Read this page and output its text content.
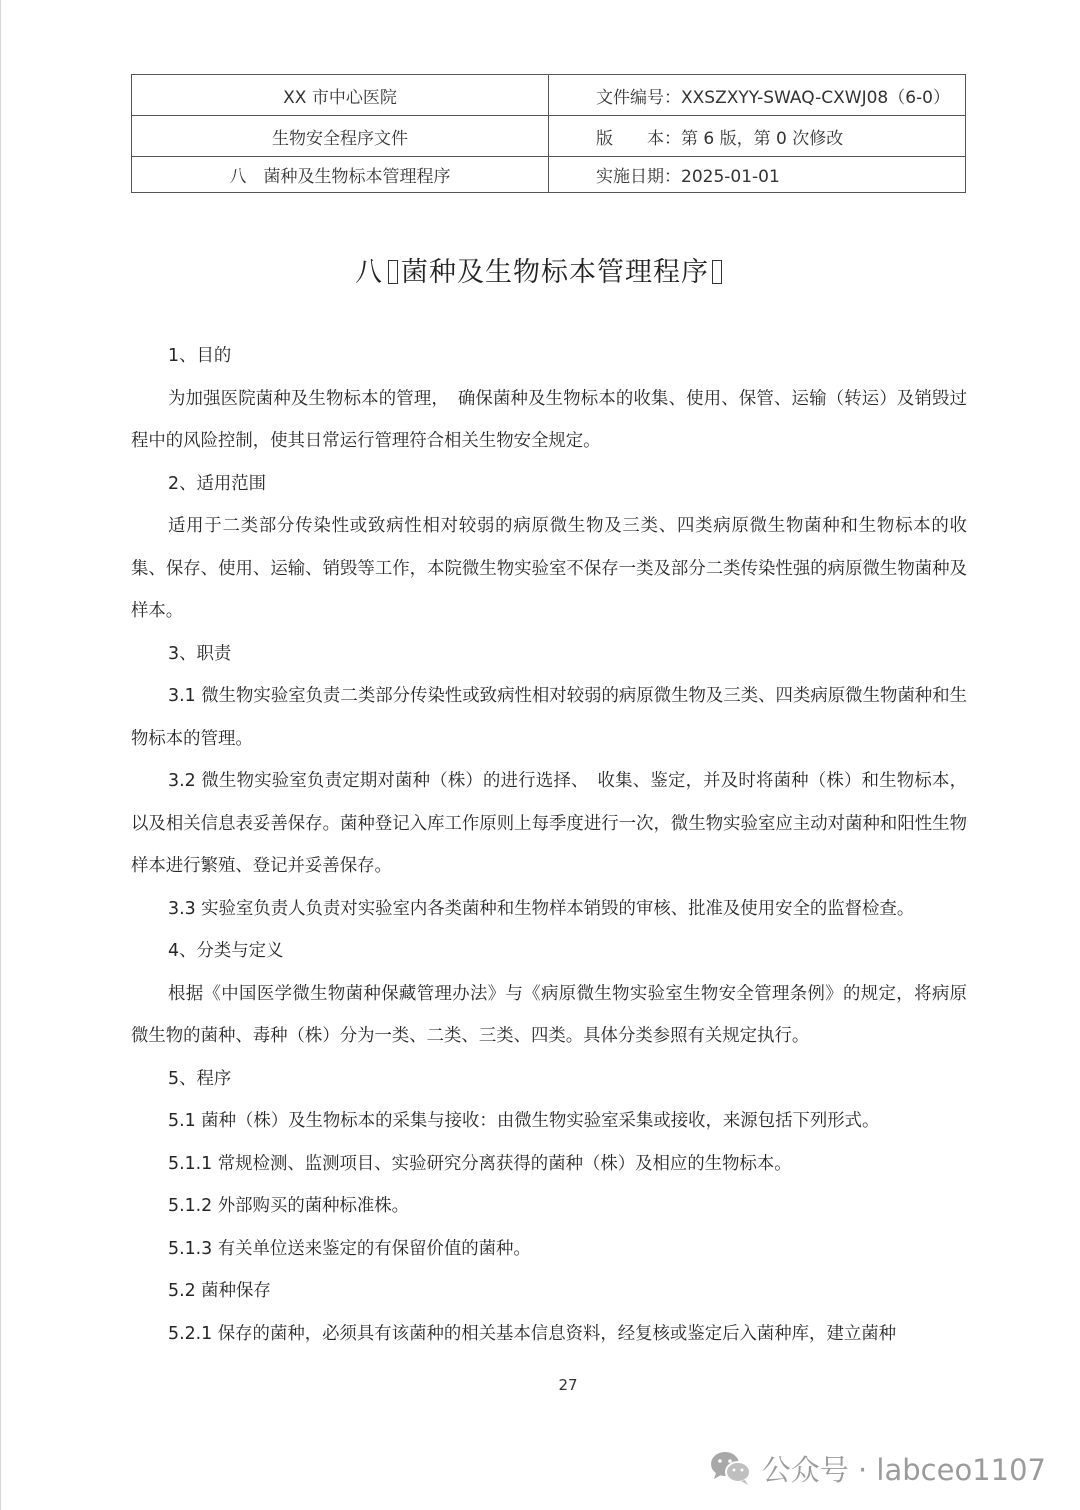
XX 市中心医院	文件编号：XXSZXYY-SWAQ-CXWJ08（6-0）
生物安全程序文件	版　　本：第 6 版，第 0 次修改
八　菌种及生物标本管理程序	实施日期：2025-01-01
八 菌种及生物标本管理程序

1、目的

为加强医院菌种及生物标本的管理，　确保菌种及生物标本的收集、使用、保管、运输（转运）及销毁过程中的风险控制，使其日常运行管理符合相关生物安全规定。

2、适用范围

适用于二类部分传染性或致病性相对较弱的病原微生物及三类、四类病原微生物菌种和生物标本的收集、保存、使用、运输、销毁等工作，本院微生物实验室不保存一类及部分二类传染性强的病原微生物菌种及样本。

3、职责

3.1 微生物实验室负责二类部分传染性或致病性相对较弱的病原微生物及三类、四类病原微生物菌种和生物标本的管理。

3.2 微生物实验室负责定期对菌种（株）的进行选择、　收集、鉴定，并及时将菌种（株）和生物标本，以及相关信息表妥善保存。菌种登记入库工作原则上每季度进行一次，微生物实验室应主动对菌种和阳性生物样本进行繁殖、登记并妥善保存。

3.3 实验室负责人负责对实验室内各类菌种和生物样本销毁的审核、批准及使用安全的监督检查。

4、分类与定义

根据《中国医学微生物菌种保藏管理办法》与《病原微生物实验室生物安全管理条例》的规定，将病原微生物的菌种、毒种（株）分为一类、二类、三类、四类。具体分类参照有关规定执行。

5、程序

5.1 菌种（株）及生物标本的采集与接收：由微生物实验室采集或接收，来源包括下列形式。

5.1.1 常规检测、监测项目、实验研究分离获得的菌种（株）及相应的生物标本。

5.1.2 外部购买的菌种标准株。

5.1.3 有关单位送来鉴定的有保留价值的菌种。

5.2 菌种保存

5.2.1 保存的菌种，必须具有该菌种的相关基本信息资料，经复核或鉴定后入菌种库，建立菌种

27
公众号 · labceo1107
